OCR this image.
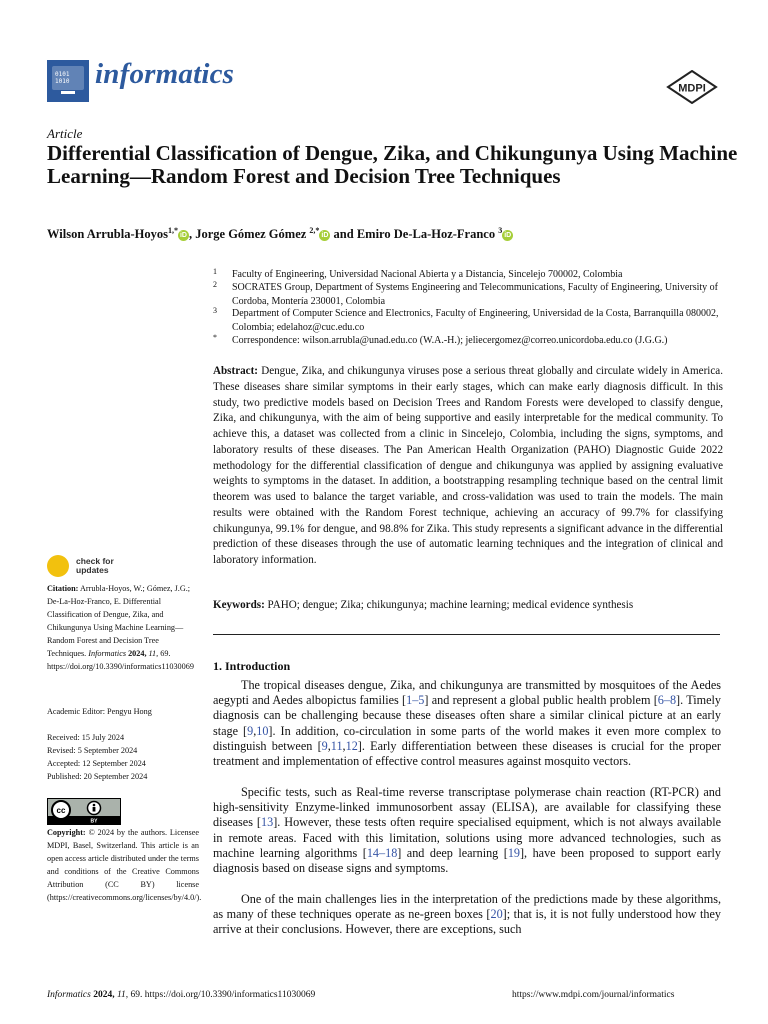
0101
1010 informatics	MDPI
Article
Differential Classification of Dengue, Zika, and Chikungunya Using Machine Learning—Random Forest and Decision Tree Techniques
Wilson Arrubla-Hoyos$^{1,*}$iD , Jorge Gómez Gómez $^{2,*}$iD and Emiro De-La-Hoz-Franco $^3$iD
1 Faculty of Engineering, Universidad Nacional Abierta y a Distancia, Sincelejo 700002, Colombia
2 SOCRATES Group, Department of Systems Engineering and Telecommunications, Faculty of Engineering, University of Cordoba, Montería 230001, Colombia
3 Department of Computer Science and Electronics, Faculty of Engineering, Universidad de la Costa, Barranquilla 080002, Colombia; edelahoz@cuc.edu.co
* Correspondence: wilson.arrubla@unad.edu.co (W.A.-H.); jeliecergomez@correo.unicordoba.edu.co (J.G.G.)
Abstract: Dengue, Zika, and chikungunya viruses pose a serious threat globally and circulate widely in America. These diseases share similar symptoms in their early stages, which can make early diagnosis difficult. In this study, two predictive models based on Decision Trees and Random Forests were developed to classify dengue, Zika, and chikungunya, with the aim of being supportive and easily interpretable for the medical community. To achieve this, a dataset was collected from a clinic in Sincelejo, Colombia, including the signs, symptoms, and laboratory results of these diseases. The Pan American Health Organization (PAHO) Diagnostic Guide 2022 methodology for the differential classification of dengue and chikungunya was applied by assigning evaluative weights to symptoms in the dataset. In addition, a bootstrapping resampling technique based on the central limit theorem was used to balance the target variable, and cross-validation was used to train the models. The main results were obtained with the Random Forest technique, achieving an accuracy of 99.7% for classifying chikungunya, 99.1% for dengue, and 98.8% for Zika. This study represents a significant advance in the differential prediction of these diseases through the use of automatic learning techniques and the integration of clinical and laboratory information.
Keywords: PAHO; dengue; Zika; chikungunya; machine learning; medical evidence synthesis
1. Introduction

The tropical diseases dengue, Zika, and chikungunya are transmitted by mosquitoes of the Aedes aegypti and Aedes albopictus families [1–5] and represent a global public health problem [6–8]. Timely diagnosis can be challenging because these diseases often share a similar clinical picture at an early stage [9,10]. In addition, co-circulation in some parts of the world makes it even more complex to distinguish between [9,11,12]. Early differentiation between these diseases is crucial for the proper treatment and implementation of effective control measures against mosquito vectors.

Specific tests, such as Real-time reverse transcriptase polymerase chain reaction (RT-PCR) and high-sensitivity Enzyme-linked immunosorbent assay (ELISA), are available for classifying these diseases [13]. However, these tests often require specialised equipment, which is not always available in remote areas. Faced with this limitation, solutions using more advanced technologies, such as machine learning algorithms [14–18] and deep learning [19], have been proposed to support early diagnosis based on disease signs and symptoms.

One of the main challenges lies in the interpretation of the predictions made by these algorithms, as many of these techniques operate as ne-green boxes [20]; that is, it is not fully understood how they arrive at their conclusions. However, there are exceptions, such

check for
updates
Citation: Arrubla-Hoyos, W.; Gómez, J.G.; De-La-Hoz-Franco, E. Differential Classification of Dengue, Zika, and Chikungunya Using Machine Learning—Random Forest and Decision Tree Techniques. Informatics 2024, 11, 69. https://doi.org/10.3390/informatics11030069
Academic Editor: Pengyu Hong
Received: 15 July 2024
Revised: 5 September 2024
Accepted: 12 September 2024
Published: 20 September 2024
cc
BY
Copyright: © 2024 by the authors. Licensee MDPI, Basel, Switzerland. This article is an open access article distributed under the terms and conditions of the Creative Commons Attribution (CC BY) license (https://creativecommons.org/licenses/by/4.0/).
Informatics 2024, 11, 69. https://doi.org/10.3390/informatics11030069	https://www.mdpi.com/journal/informatics
